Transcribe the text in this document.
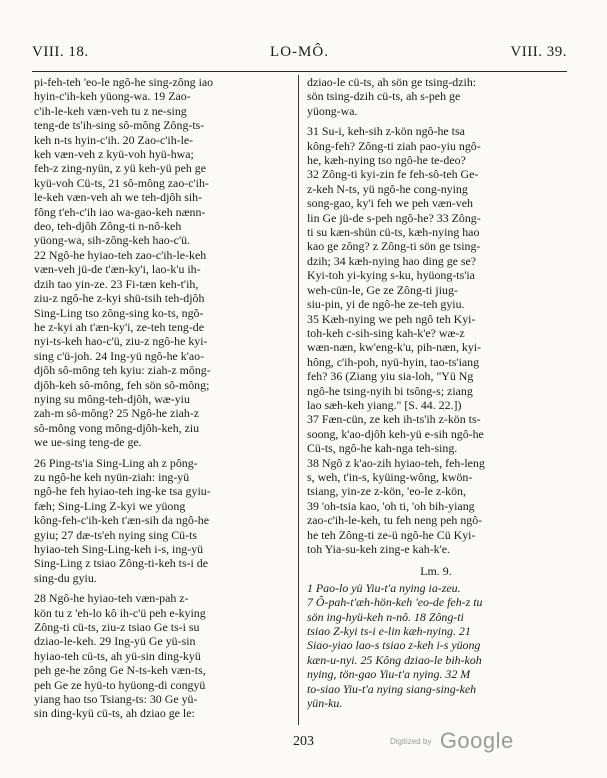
VIII. 18.	LO-MÔ.	VIII. 39.
pi-feh-teh 'eo-le ngô-he sing-zông iao
hyin-c'ih-keh yüong-wa. 19 Zao-
c'ih-le-keh væn-veh tu z ne-sing
teng-de ts'ih-sing sô-mông Zông-ts-
keh n-ts hyin-c'ih. 20 Zao-c'ih-le-
keh væn-veh z kyü-voh hyü-hwa;
feh-z zing-nyün, z yü keh-yü peh ge
kyü-voh Cü-ts, 21 sô-mông zao-c'ih-
le-keh væn-veh ah we teh-djôh sih-
fông t'eh-c'ih iao wa-gao-keh nænn-
deo, teh-djôh Zông-ti n-nô-keh
yüong-wa, sih-zông-keh hao-c'ü.
22 Ngô-he hyiao-teh zao-c'ih-le-keh
væn-veh jü-de t'æn-ky'i, lao-k'u ih-
dzih tao yin-ze. 23 Fi-tæn keh-t'ih,
ziu-z ngô-he z-kyi shü-tsih teh-djôh
Sing-Ling tso zông-sing ko-ts, ngô-
he z-kyi ah t'æn-ky'i, ze-teh teng-de
nyi-ts-keh hao-c'ü, ziu-z ngô-he kyi-
sing c'ü-joh. 24 Ing-yü ngô-he k'ao-
djôh sô-mông teh kyiu: ziah-z mông-
djôh-keh sô-mông, feh sön sô-mông;
nying su mông-teh-djôh, wæ-yiu
zah-m sô-mông? 25 Ngô-he ziah-z
sô-mông vong mông-djôh-keh, ziu
we ue-sing teng-de ge.
26 Ping-ts'ia Sing-Ling ah z pông-
zu ngô-he keh nyün-ziah: ing-yü
ngô-he feh hyiao-teh ing-ke tsa gyiu-
fæh; Sing-Ling Z-kyi we yüong
kông-feh-c'ih-keh t'æn-sih da ngô-he
gyiu; 27 dæ-ts'eh nying sing Cü-ts
hyiao-teh Sing-Ling-keh i-s, ing-yü
Sing-Ling z tsiao Zông-ti-keh ts-i de
sing-du gyiu.
28 Ngô-he hyiao-teh væn-pah z-
kön tu z 'eh-lo kô ih-c'ü peh e-kying
Zông-ti cü-ts, ziu-z tsiao Ge ts-i su
dziao-le-keh. 29 Ing-yü Ge yü-sin
hyiao-teh cü-ts, ah yü-sin ding-kyü
peh ge-he zông Ge N-ts-keh væn-ts,
peh Ge ze hyü-to hyüong-di congyü
yiang hao tso Tsiang-ts: 30 Ge yü-
sin ding-kyü cü-ts, ah dziao ge le:
dziao-le cü-ts, ah sön ge tsing-dzih:
sön tsing-dzih cü-ts, ah s-peh ge
yüong-wa.
31 Su-i, keh-sih z-kön ngô-he tsa
kông-feh? Zông-ti ziah pao-yiu ngô-
he, kæh-nying tso ngô-he te-deo?
32 Zông-ti kyi-zin fe feh-sô-teh Ge-
z-keh N-ts, yü ngô-he cong-nying
song-gao, ky'i feh we peh væn-veh
lin Ge jü-de s-peh ngô-he? 33 Zông-
ti su kæn-shün cü-ts, kæh-nying hao
kao ge zông? z Zông-ti sön ge tsing-
dzih; 34 kæh-nying hao ding ge se?
Kyi-toh yi-kying s-ku, hyüong-ts'ia
weh-cün-le, Ge ze Zông-ti jiug-
siu-pin, yi de ngô-he ze-teh gyiu.
35 Kæh-nying we peh ngô teh Kyi-
toh-keh c-sih-sing kah-k'e? wæ-z
wæn-næn, kw'eng-k'u, pih-næn, kyi-
hông, c'ih-poh, nyü-hyin, tao-ts'iang
feh? 36 (Ziang yiu sia-loh, "Yü Ng
ngô-he tsing-nyih bi tsông-s; ziang
lao sæh-keh yiang." [S. 44. 22.])
37 Fæn-cün, ze keh ih-ts'ih z-kön ts-
soong, k'ao-djôh keh-yü e-sih ngô-he
Cü-ts, ngô-he kah-nga teh-sing.
38 Ngô z k'ao-zih hyiao-teh, feh-leng
s, weh, t'in-s, kyüing-wông, kwön-
tsiang, yin-ze z-kön, 'eo-le z-kön,
39 'oh-tsia kao, 'oh ti, 'oh bih-yiang
zao-c'ih-le-keh, tu feh neng peh ngô-
he teh Zông-ti ze-ü ngô-he Cü Kyi-
toh Yia-su-keh zing-e kah-k'e.
Lm. 9.
1 Pao-lo yü Yiu-t'a nying ia-zeu.
7 Ô-pah-t'æh-hön-keh 'eo-de feh-z tu
sön ing-hyü-keh n-nô. 18 Zông-ti
tsiao Z-kyi ts-i e-lin kæh-nying. 21
Siao-yiao lao-s tsiao z-keh i-s yüong
kæn-u-nyi. 25 Kông dziao-le bih-koh
nying, tön-gao Yiu-t'a nying. 32 M
to-siao Yiu-t'a nying siang-sing-keh
yün-ku.
203	Digitized by Google
